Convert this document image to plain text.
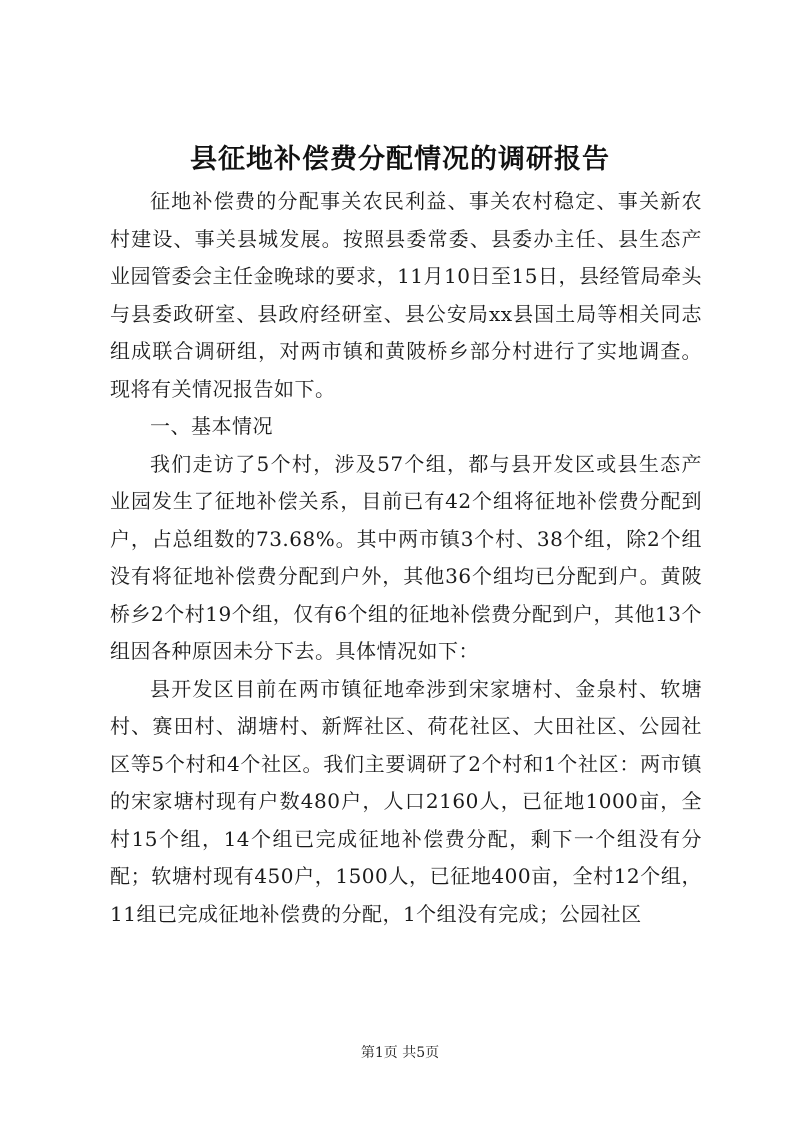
县征地补偿费分配情况的调研报告

征地补偿费的分配事关农民利益、事关农村稳定、事关新农村建设、事关县城发展。按照县委常委、县委办主任、县生态产业园管委会主任金晚球的要求，11月10日至15日，县经管局牵头与县委政研室、县政府经研室、县公安局xx县国土局等相关同志组成联合调研组，对两市镇和黄陂桥乡部分村进行了实地调查。现将有关情况报告如下。

一、基本情况

我们走访了5个村，涉及57个组，都与县开发区或县生态产业园发生了征地补偿关系，目前已有42个组将征地补偿费分配到户，占总组数的73.68%。其中两市镇3个村、38个组，除2个组没有将征地补偿费分配到户外，其他36个组均已分配到户。黄陂桥乡2个村19个组，仅有6个组的征地补偿费分配到户，其他13个组因各种原因未分下去。具体情况如下：

县开发区目前在两市镇征地牵涉到宋家塘村、金泉村、软塘村、赛田村、湖塘村、新辉社区、荷花社区、大田社区、公园社区等5个村和4个社区。我们主要调研了2个村和1个社区：两市镇的宋家塘村现有户数480户，人口2160人，已征地1000亩，全村15个组，14个组已完成征地补偿费分配，剩下一个组没有分配；软塘村现有450户，1500人，已征地400亩，全村12个组，11组已完成征地补偿费的分配，1个组没有完成；公园社区

第1页 共5页
